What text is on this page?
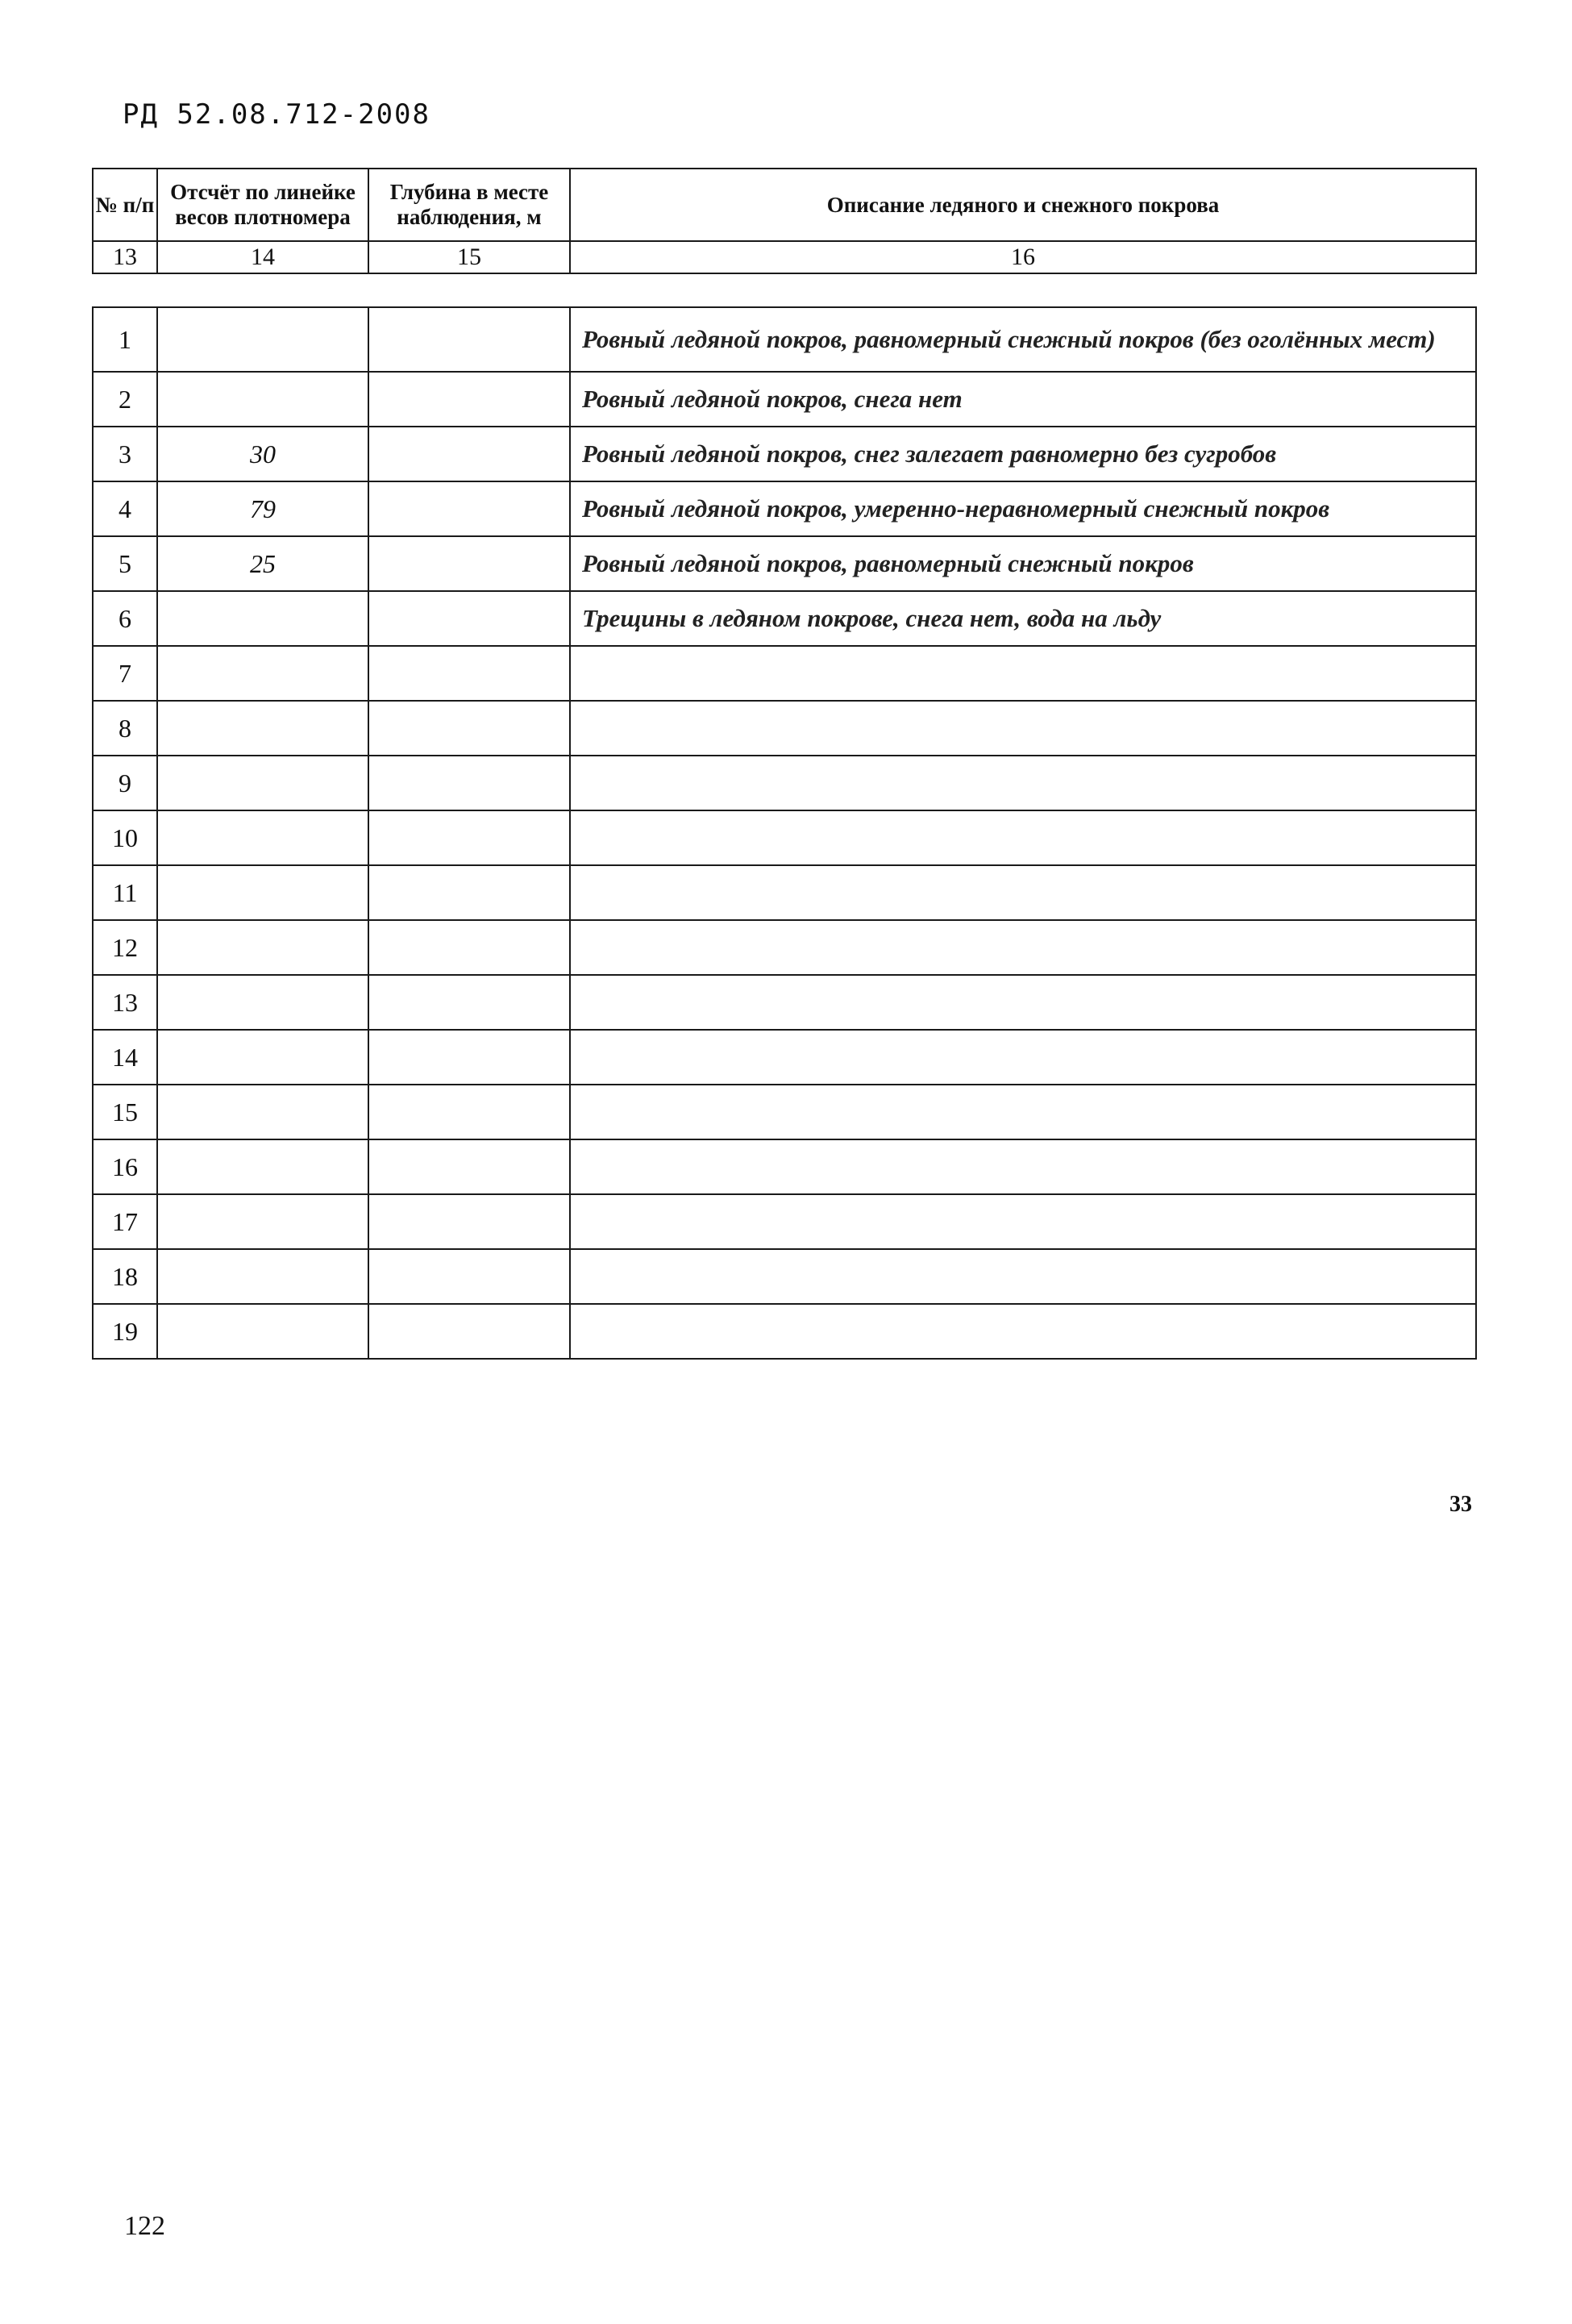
РД 52.08.712-2008
№ п/п	Отсчёт по линейке весов плотномера	Глубина в месте наблюдения, м	Описание ледяного и снежного покрова
13	14	15	16
1			Ровный ледяной покров, равномерный снежный покров (без оголённых мест)
2			Ровный ледяной покров, снега нет
3	30		Ровный ледяной покров, снег залегает равномерно без сугробов
4	79		Ровный ледяной покров, умеренно-неравномерный снежный покров
5	25		Ровный ледяной покров, равномерный снежный покров
6			Трещины в ледяном покрове, снега нет, вода на льду
7			
8			
9			
10			
11			
12			
13			
14			
15			
16			
17			
18			
19			
33
122
